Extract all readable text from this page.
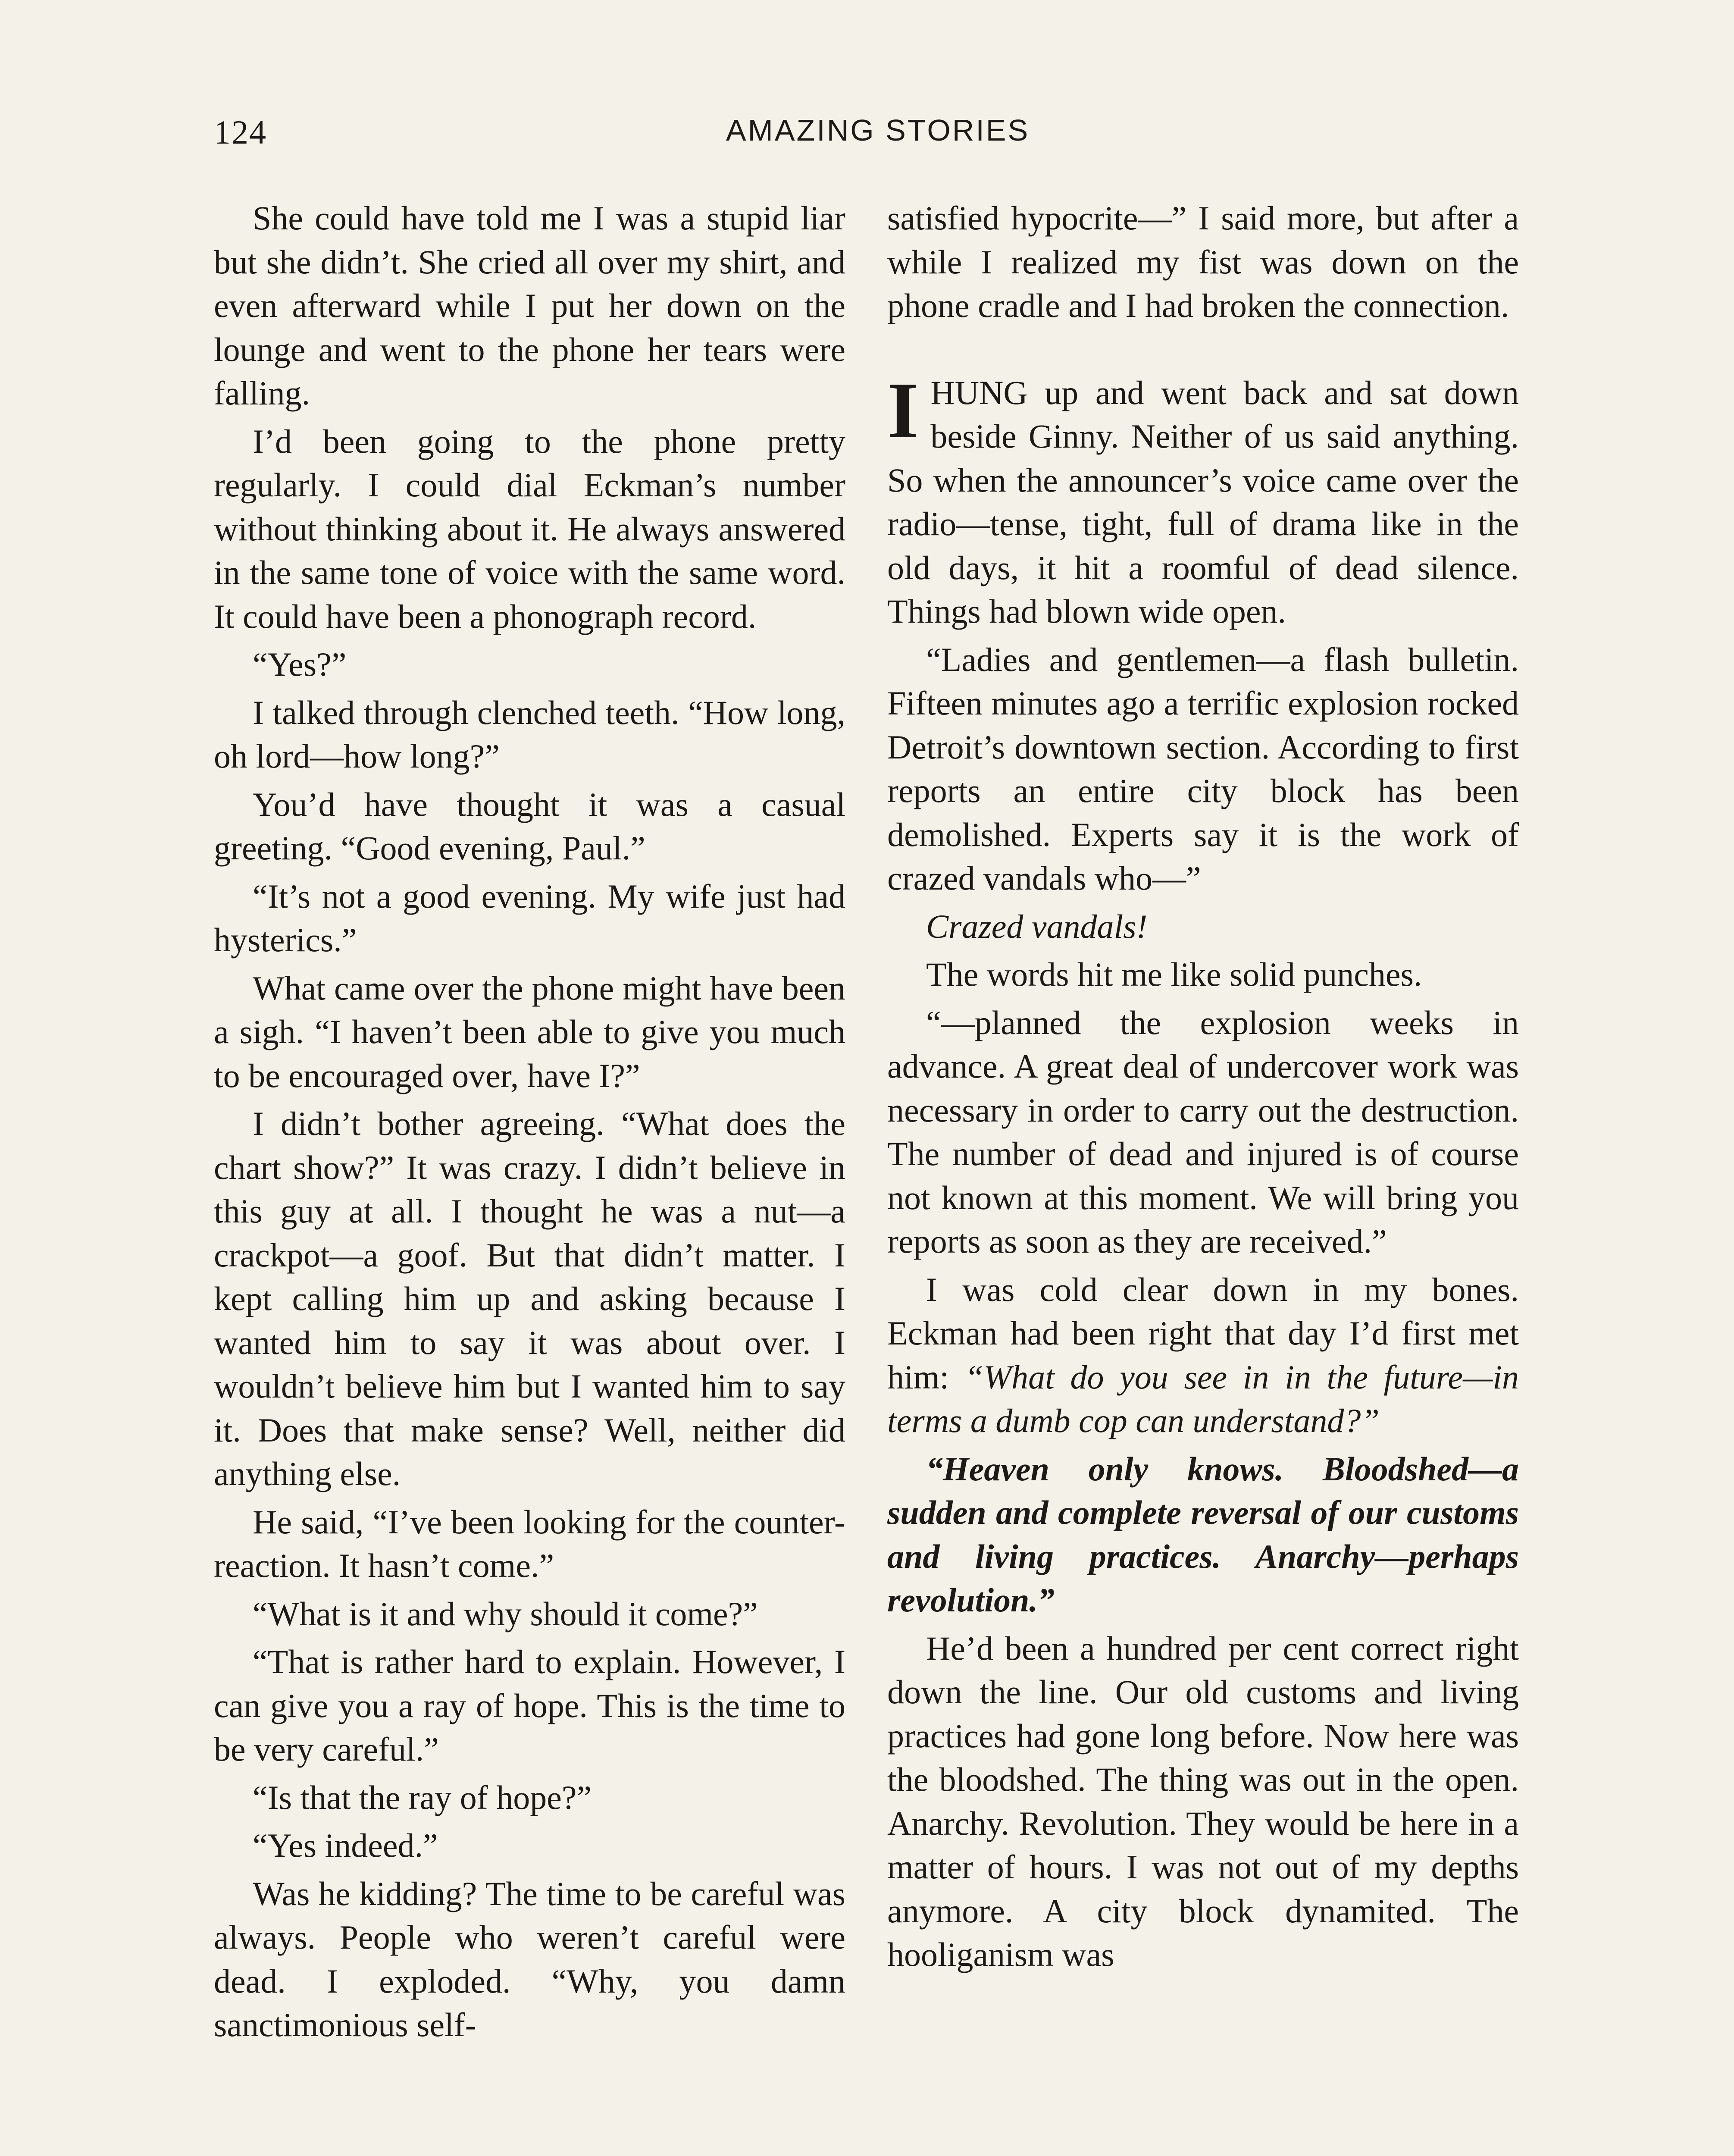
124	AMAZING STORIES

She could have told me I was a stupid liar but she didn’t. She cried all over my shirt, and even afterward while I put her down on the lounge and went to the phone her tears were falling.

I’d been going to the phone pretty regularly. I could dial Eckman’s number without thinking about it. He always answered in the same tone of voice with the same word. It could have been a phonograph record.

“Yes?”

I talked through clenched teeth. “How long, oh lord—how long?”

You’d have thought it was a casual greeting. “Good evening, Paul.”

“It’s not a good evening. My wife just had hysterics.”

What came over the phone might have been a sigh. “I haven’t been able to give you much to be encouraged over, have I?”

I didn’t bother agreeing. “What does the chart show?” It was crazy. I didn’t believe in this guy at all. I thought he was a nut—a crackpot—a goof. But that didn’t matter. I kept calling him up and asking because I wanted him to say it was about over. I wouldn’t believe him but I wanted him to say it. Does that make sense? Well, neither did anything else.

He said, “I’ve been looking for the counter-reaction. It hasn’t come.”

“What is it and why should it come?”

“That is rather hard to explain. However, I can give you a ray of hope. This is the time to be very careful.”

“Is that the ray of hope?”

“Yes indeed.”

Was he kidding? The time to be careful was always. People who weren’t careful were dead. I exploded. “Why, you damn sanctimonious self-

satisfied hypocrite—” I said more, but after a while I realized my fist was down on the phone cradle and I had broken the connection.

IHUNG up and went back and sat down beside Ginny. Neither of us said anything. So when the announcer’s voice came over the radio—tense, tight, full of drama like in the old days, it hit a roomful of dead silence. Things had blown wide open.

“Ladies and gentlemen—a flash bulletin. Fifteen minutes ago a terrific explosion rocked Detroit’s downtown section. According to first reports an entire city block has been demolished. Experts say it is the work of crazed vandals who—”

Crazed vandals!

The words hit me like solid punches.

“—planned the explosion weeks in advance. A great deal of undercover work was necessary in order to carry out the destruction. The number of dead and injured is of course not known at this moment. We will bring you reports as soon as they are received.”

I was cold clear down in my bones. Eckman had been right that day I’d first met him: “What do you see in in the future—in terms a dumb cop can understand?”

“Heaven only knows. Bloodshed—a sudden and complete reversal of our customs and living practices. Anarchy—perhaps revolution.”

He’d been a hundred per cent correct right down the line. Our old customs and living practices had gone long before. Now here was the bloodshed. The thing was out in the open. Anarchy. Revolution. They would be here in a matter of hours. I was not out of my depths anymore. A city block dynamited. The hooliganism was
